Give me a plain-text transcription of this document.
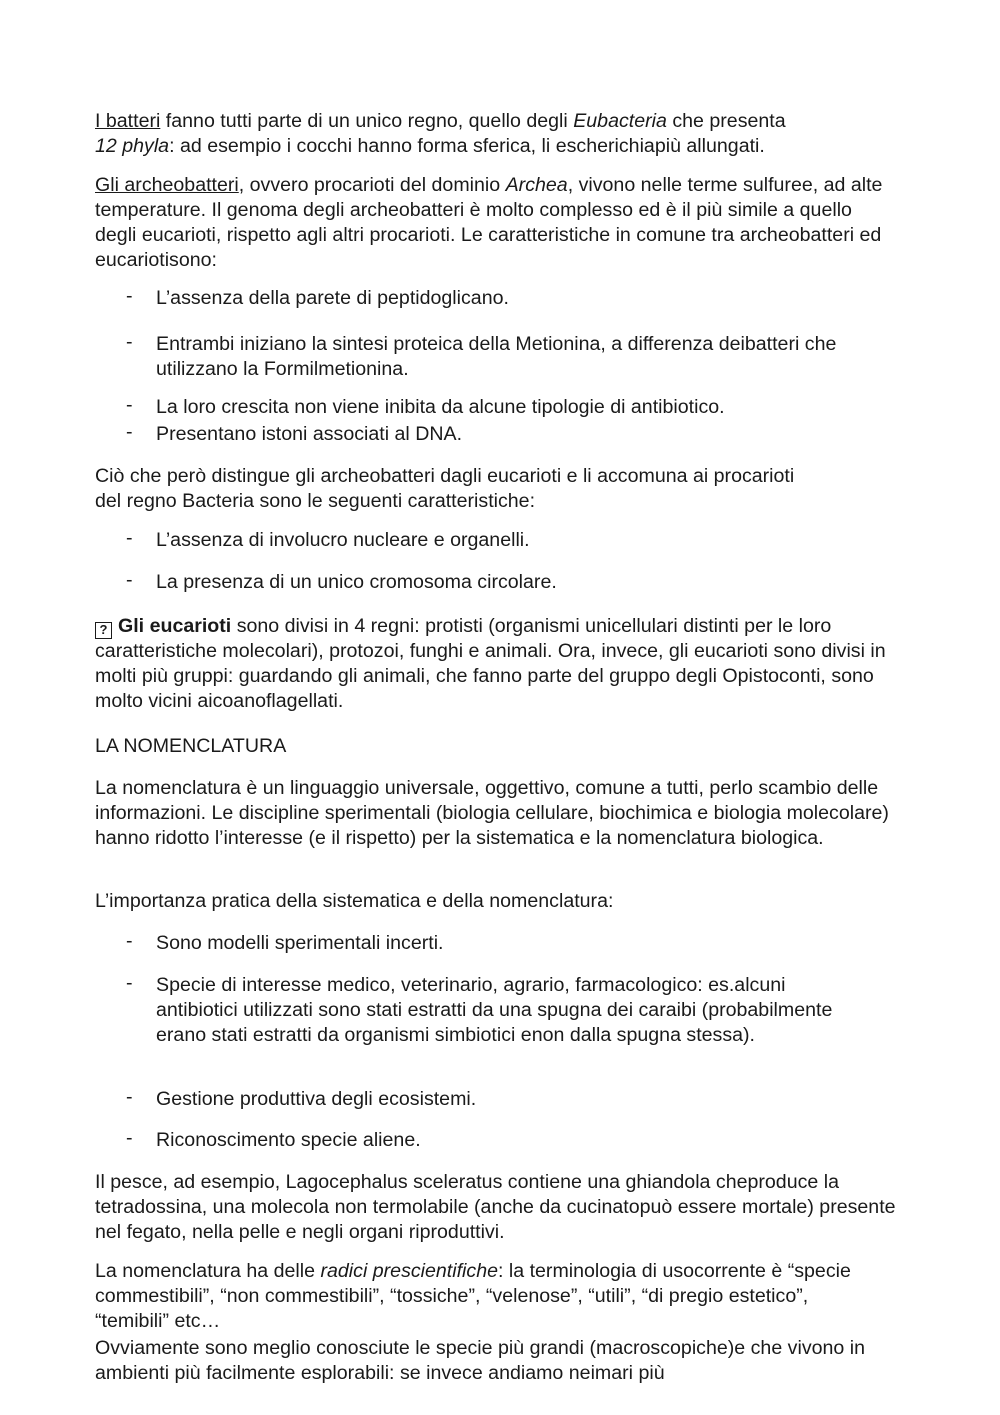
I batteri fanno tutti parte di un unico regno, quello degli Eubacteria che presenta
12 phyla: ad esempio i cocchi hanno forma sferica, li escherichiapiù allungati.

Gli archeobatteri, ovvero procarioti del dominio Archea, vivono nelle terme sulfuree, ad alte temperature. Il genoma degli archeobatteri è molto complesso ed è il più simile a quello degli eucarioti, rispetto agli altri procarioti. Le caratteristiche in comune tra archeobatteri ed eucariotisono:

- L’assenza della parete di peptidoglicano.

- Entrambi iniziano la sintesi proteica della Metionina, a differenza deibatteri che utilizzano la Formilmetionina.

- La loro crescita non viene inibita da alcune tipologie di antibiotico.

- Presentano istoni associati al DNA.

Ciò che però distingue gli archeobatteri dagli eucarioti e li accomuna ai procarioti del regno Bacteria sono le seguenti caratteristiche:

- L’assenza di involucro nucleare e organelli.

- La presenza di un unico cromosoma circolare.

? Gli eucarioti sono divisi in 4 regni: protisti (organismi unicellulari distinti per le loro caratteristiche molecolari), protozoi, funghi e animali. Ora, invece, gli eucarioti sono divisi in molti più gruppi: guardando gli animali, che fanno parte del gruppo degli Opistoconti, sono molto vicini aicoanoflagellati.

LA NOMENCLATURA

La nomenclatura è un linguaggio universale, oggettivo, comune a tutti, perlo scambio delle informazioni. Le discipline sperimentali (biologia cellulare, biochimica e biologia molecolare) hanno ridotto l’interesse (e il rispetto) per la sistematica e la nomenclatura biologica.

L’importanza pratica della sistematica e della nomenclatura:

- Sono modelli sperimentali incerti.

- Specie di interesse medico, veterinario, agrario, farmacologico: es.alcuni antibiotici utilizzati sono stati estratti da una spugna dei caraibi (probabilmente erano stati estratti da organismi simbiotici enon dalla spugna stessa).

- Gestione produttiva degli ecosistemi.

- Riconoscimento specie aliene.

Il pesce, ad esempio, Lagocephalus sceleratus contiene una ghiandola cheproduce la tetradossina, una molecola non termolabile (anche da cucinatopuò essere mortale) presente nel fegato, nella pelle e negli organi riproduttivi.

La nomenclatura ha delle radici prescientifiche: la terminologia di usocorrente è “specie commestibili”, “non commestibili”, “tossiche”, “velenose”, “utili”, “di pregio estetico”, “temibili” etc…

Ovviamente sono meglio conosciute le specie più grandi (macroscopiche)e che vivono in ambienti più facilmente esplorabili: se invece andiamo neimari più
